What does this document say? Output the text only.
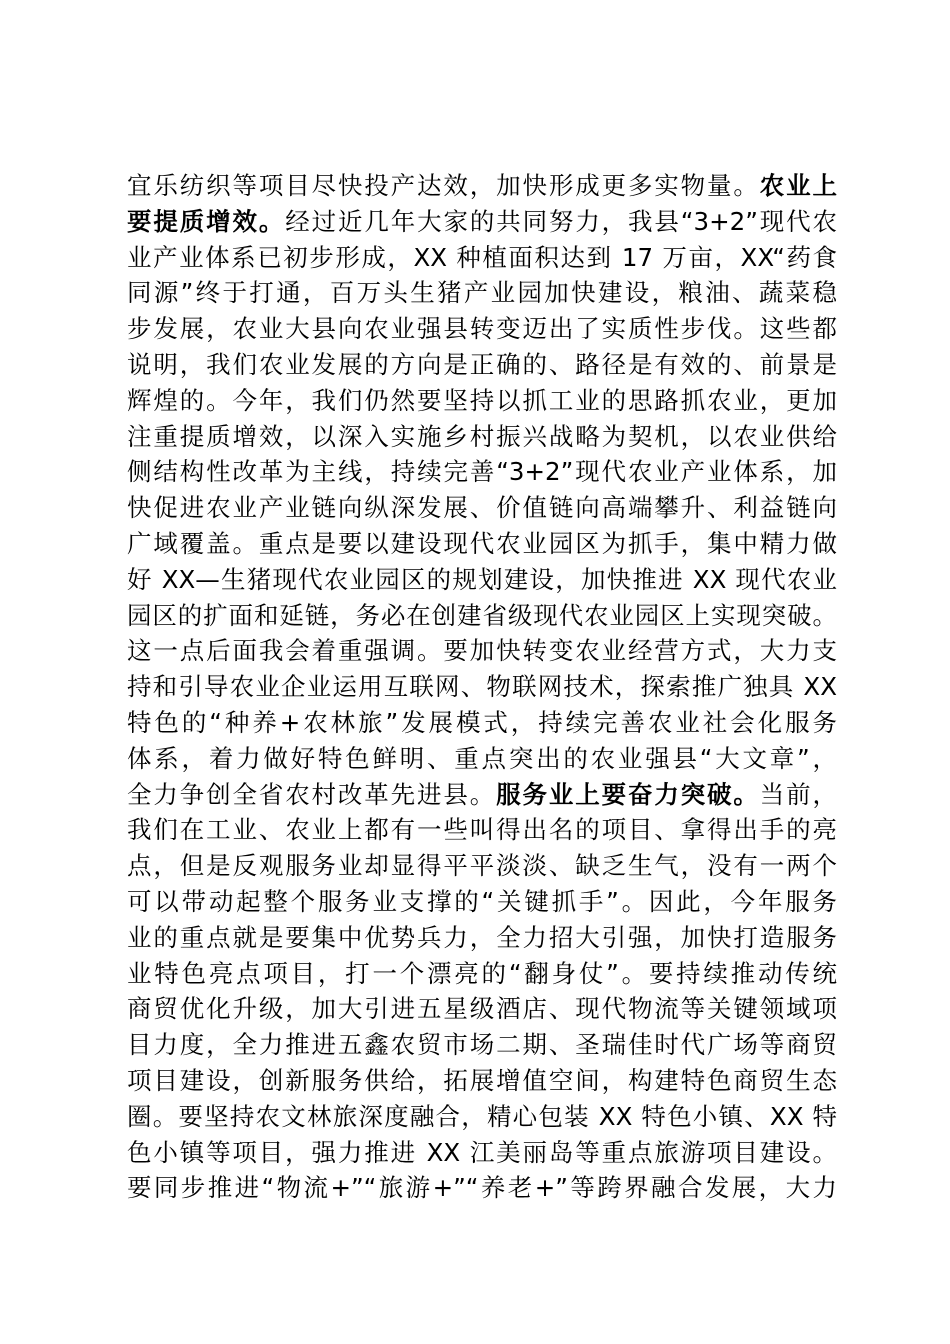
宜乐纺织等项目尽快投产达效，加快形成更多实物量。农业上
要提质增效。经过近几年大家的共同努力，我县“3+2”现代农
业产业体系已初步形成，XX 种植面积达到 17 万亩，XX“药食
同源”终于打通，百万头生猪产业园加快建设，粮油、蔬菜稳
步发展，农业大县向农业强县转变迈出了实质性步伐。这些都
说明，我们农业发展的方向是正确的、路径是有效的、前景是
辉煌的。今年，我们仍然要坚持以抓工业的思路抓农业，更加
注重提质增效，以深入实施乡村振兴战略为契机，以农业供给
侧结构性改革为主线，持续完善“3+2”现代农业产业体系，加
快促进农业产业链向纵深发展、价值链向高端攀升、利益链向
广域覆盖。重点是要以建设现代农业园区为抓手，集中精力做
好 XX—生猪现代农业园区的规划建设，加快推进 XX 现代农业
园区的扩面和延链，务必在创建省级现代农业园区上实现突破。
这一点后面我会着重强调。要加快转变农业经营方式，大力支
持和引导农业企业运用互联网、物联网技术，探索推广独具 XX
特色的“种养+农林旅”发展模式，持续完善农业社会化服务
体系，着力做好特色鲜明、重点突出的农业强县“大文章”，
全力争创全省农村改革先进县。服务业上要奋力突破。当前，
我们在工业、农业上都有一些叫得出名的项目、拿得出手的亮
点，但是反观服务业却显得平平淡淡、缺乏生气，没有一两个
可以带动起整个服务业支撑的“关键抓手”。因此，今年服务
业的重点就是要集中优势兵力，全力招大引强，加快打造服务
业特色亮点项目，打一个漂亮的“翻身仗”。要持续推动传统
商贸优化升级，加大引进五星级酒店、现代物流等关键领域项
目力度，全力推进五鑫农贸市场二期、圣瑞佳时代广场等商贸
项目建设，创新服务供给，拓展增值空间，构建特色商贸生态
圈。要坚持农文林旅深度融合，精心包装 XX 特色小镇、XX 特
色小镇等项目，强力推进 XX 江美丽岛等重点旅游项目建设。
要同步推进“物流+”“旅游+”“养老+”等跨界融合发展，大力
